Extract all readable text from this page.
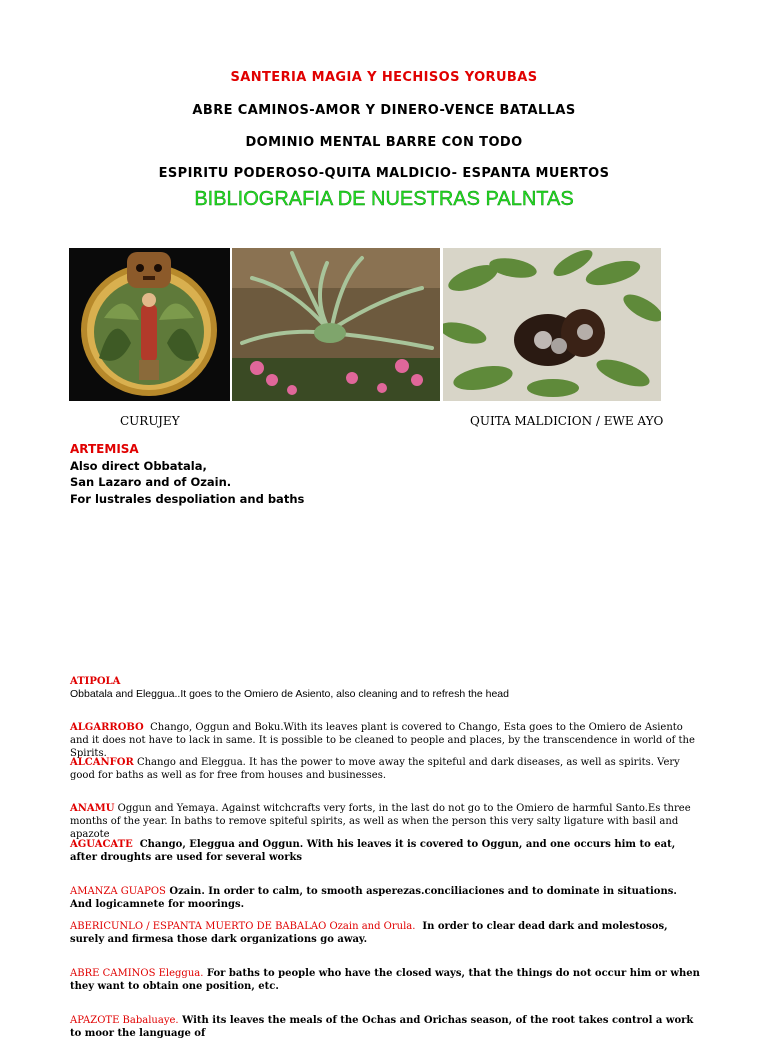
SANTERIA MAGIA Y HECHISOS YORUBAS
ABRE CAMINOS-AMOR Y DINERO-VENCE BATALLAS
DOMINIO MENTAL BARRE CON TODO
ESPIRITU PODEROSO-QUITA MALDICIO- ESPANTA MUERTOS
BIBLIOGRAFIA DE NUESTRAS PALNTAS
CURUJEY	QUITA MALDICION / EWE AYO
ARTEMISA
Also direct Obbatala,
San Lazaro and of Ozain.
For lustrales despoliation and baths
ATIPOLA
Obbatala and Eleggua..It goes to the Omiero de Asiento, also cleaning and to refresh the head
ALGARROBO Chango, Oggun and Boku.With its leaves plant is covered to Chango, Esta goes to the Omiero de Asiento and it does not have to lack in same. It is possible to be cleaned to people and places, by the transcendence in world of the Spirits.
ALCANFOR Chango and Eleggua. It has the power to move away the spiteful and dark diseases, as well as spirits. Very good for baths as well as for free from houses and businesses.
ANAMU Oggun and Yemaya. Against witchcrafts very forts, in the last do not go to the Omiero de harmful Santo.Es three months of the year. In baths to remove spiteful spirits, as well as when the person this very salty ligature with basil and apazote
AGUACATE Chango, Eleggua and Oggun. With his leaves it is covered to Oggun, and one occurs him to eat, after droughts are used for several works
AMANZA GUAPOS Ozain. In order to calm, to smooth asperezas.conciliaciones and to dominate in situations. And logicamnete for moorings.
ABERICUNLO / ESPANTA MUERTO DE BABALAO Ozain and Orula. In order to clear dead dark and molestosos, surely and firmesa those dark organizations go away.
ABRE CAMINOS Eleggua. For baths to people who have the closed ways, that the things do not occur him or when they want to obtain one position, etc.
APAZOTE Babaluaye. With its leaves the meals of the Ochas and Orichas season, of the root takes control a work to moor the language of
